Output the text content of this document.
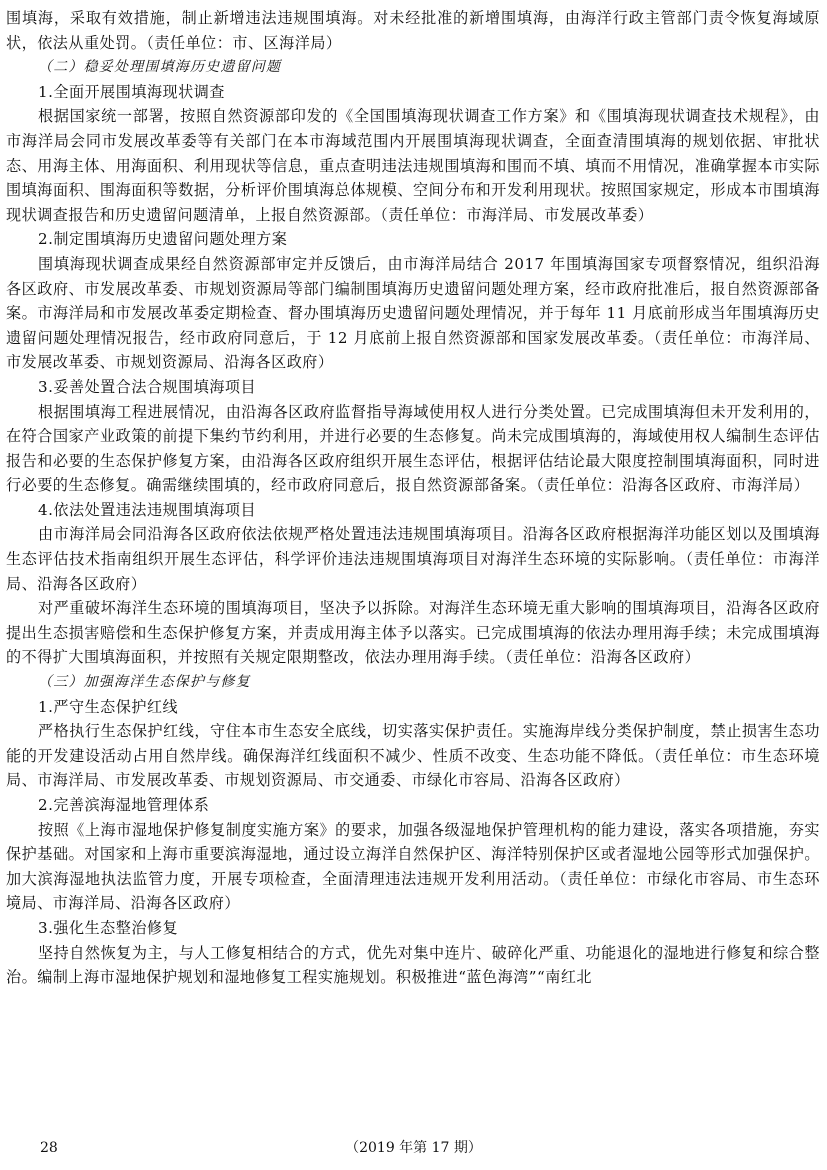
围填海，采取有效措施，制止新增违法违规围填海。对未经批准的新增围填海，由海洋行政主管部门责令恢复海域原状，依法从重处罚。（责任单位：市、区海洋局）

（二）稳妥处理围填海历史遗留问题

1.全面开展围填海现状调查

根据国家统一部署，按照自然资源部印发的《全国围填海现状调查工作方案》和《围填海现状调查技术规程》，由市海洋局会同市发展改革委等有关部门在本市海域范围内开展围填海现状调查，全面查清围填海的规划依据、审批状态、用海主体、用海面积、利用现状等信息，重点查明违法违规围填海和围而不填、填而不用情况，准确掌握本市实际围填海面积、围海面积等数据，分析评价围填海总体规模、空间分布和开发利用现状。按照国家规定，形成本市围填海现状调查报告和历史遗留问题清单，上报自然资源部。（责任单位：市海洋局、市发展改革委）

2.制定围填海历史遗留问题处理方案

围填海现状调查成果经自然资源部审定并反馈后，由市海洋局结合 2017 年围填海国家专项督察情况，组织沿海各区政府、市发展改革委、市规划资源局等部门编制围填海历史遗留问题处理方案，经市政府批准后，报自然资源部备案。市海洋局和市发展改革委定期检查、督办围填海历史遗留问题处理情况，并于每年 11 月底前形成当年围填海历史遗留问题处理情况报告，经市政府同意后，于 12 月底前上报自然资源部和国家发展改革委。（责任单位：市海洋局、市发展改革委、市规划资源局、沿海各区政府）

3.妥善处置合法合规围填海项目

根据围填海工程进展情况，由沿海各区政府监督指导海域使用权人进行分类处置。已完成围填海但未开发利用的，在符合国家产业政策的前提下集约节约利用，并进行必要的生态修复。尚未完成围填海的，海域使用权人编制生态评估报告和必要的生态保护修复方案，由沿海各区政府组织开展生态评估，根据评估结论最大限度控制围填海面积，同时进行必要的生态修复。确需继续围填的，经市政府同意后，报自然资源部备案。（责任单位：沿海各区政府、市海洋局）

4.依法处置违法违规围填海项目

由市海洋局会同沿海各区政府依法依规严格处置违法违规围填海项目。沿海各区政府根据海洋功能区划以及围填海生态评估技术指南组织开展生态评估，科学评价违法违规围填海项目对海洋生态环境的实际影响。（责任单位：市海洋局、沿海各区政府）

对严重破坏海洋生态环境的围填海项目，坚决予以拆除。对海洋生态环境无重大影响的围填海项目，沿海各区政府提出生态损害赔偿和生态保护修复方案，并责成用海主体予以落实。已完成围填海的依法办理用海手续；未完成围填海的不得扩大围填海面积，并按照有关规定限期整改，依法办理用海手续。（责任单位：沿海各区政府）

（三）加强海洋生态保护与修复

1.严守生态保护红线

严格执行生态保护红线，守住本市生态安全底线，切实落实保护责任。实施海岸线分类保护制度，禁止损害生态功能的开发建设活动占用自然岸线。确保海洋红线面积不减少、性质不改变、生态功能不降低。（责任单位：市生态环境局、市海洋局、市发展改革委、市规划资源局、市交通委、市绿化市容局、沿海各区政府）

2.完善滨海湿地管理体系

按照《上海市湿地保护修复制度实施方案》的要求，加强各级湿地保护管理机构的能力建设，落实各项措施，夯实保护基础。对国家和上海市重要滨海湿地，通过设立海洋自然保护区、海洋特别保护区或者湿地公园等形式加强保护。加大滨海湿地执法监管力度，开展专项检查，全面清理违法违规开发利用活动。（责任单位：市绿化市容局、市生态环境局、市海洋局、沿海各区政府）

3.强化生态整治修复

坚持自然恢复为主，与人工修复相结合的方式，优先对集中连片、破碎化严重、功能退化的湿地进行修复和综合整治。编制上海市湿地保护规划和湿地修复工程实施规划。积极推进“蓝色海湾”“南红北

28	（2019 年第 17 期）
